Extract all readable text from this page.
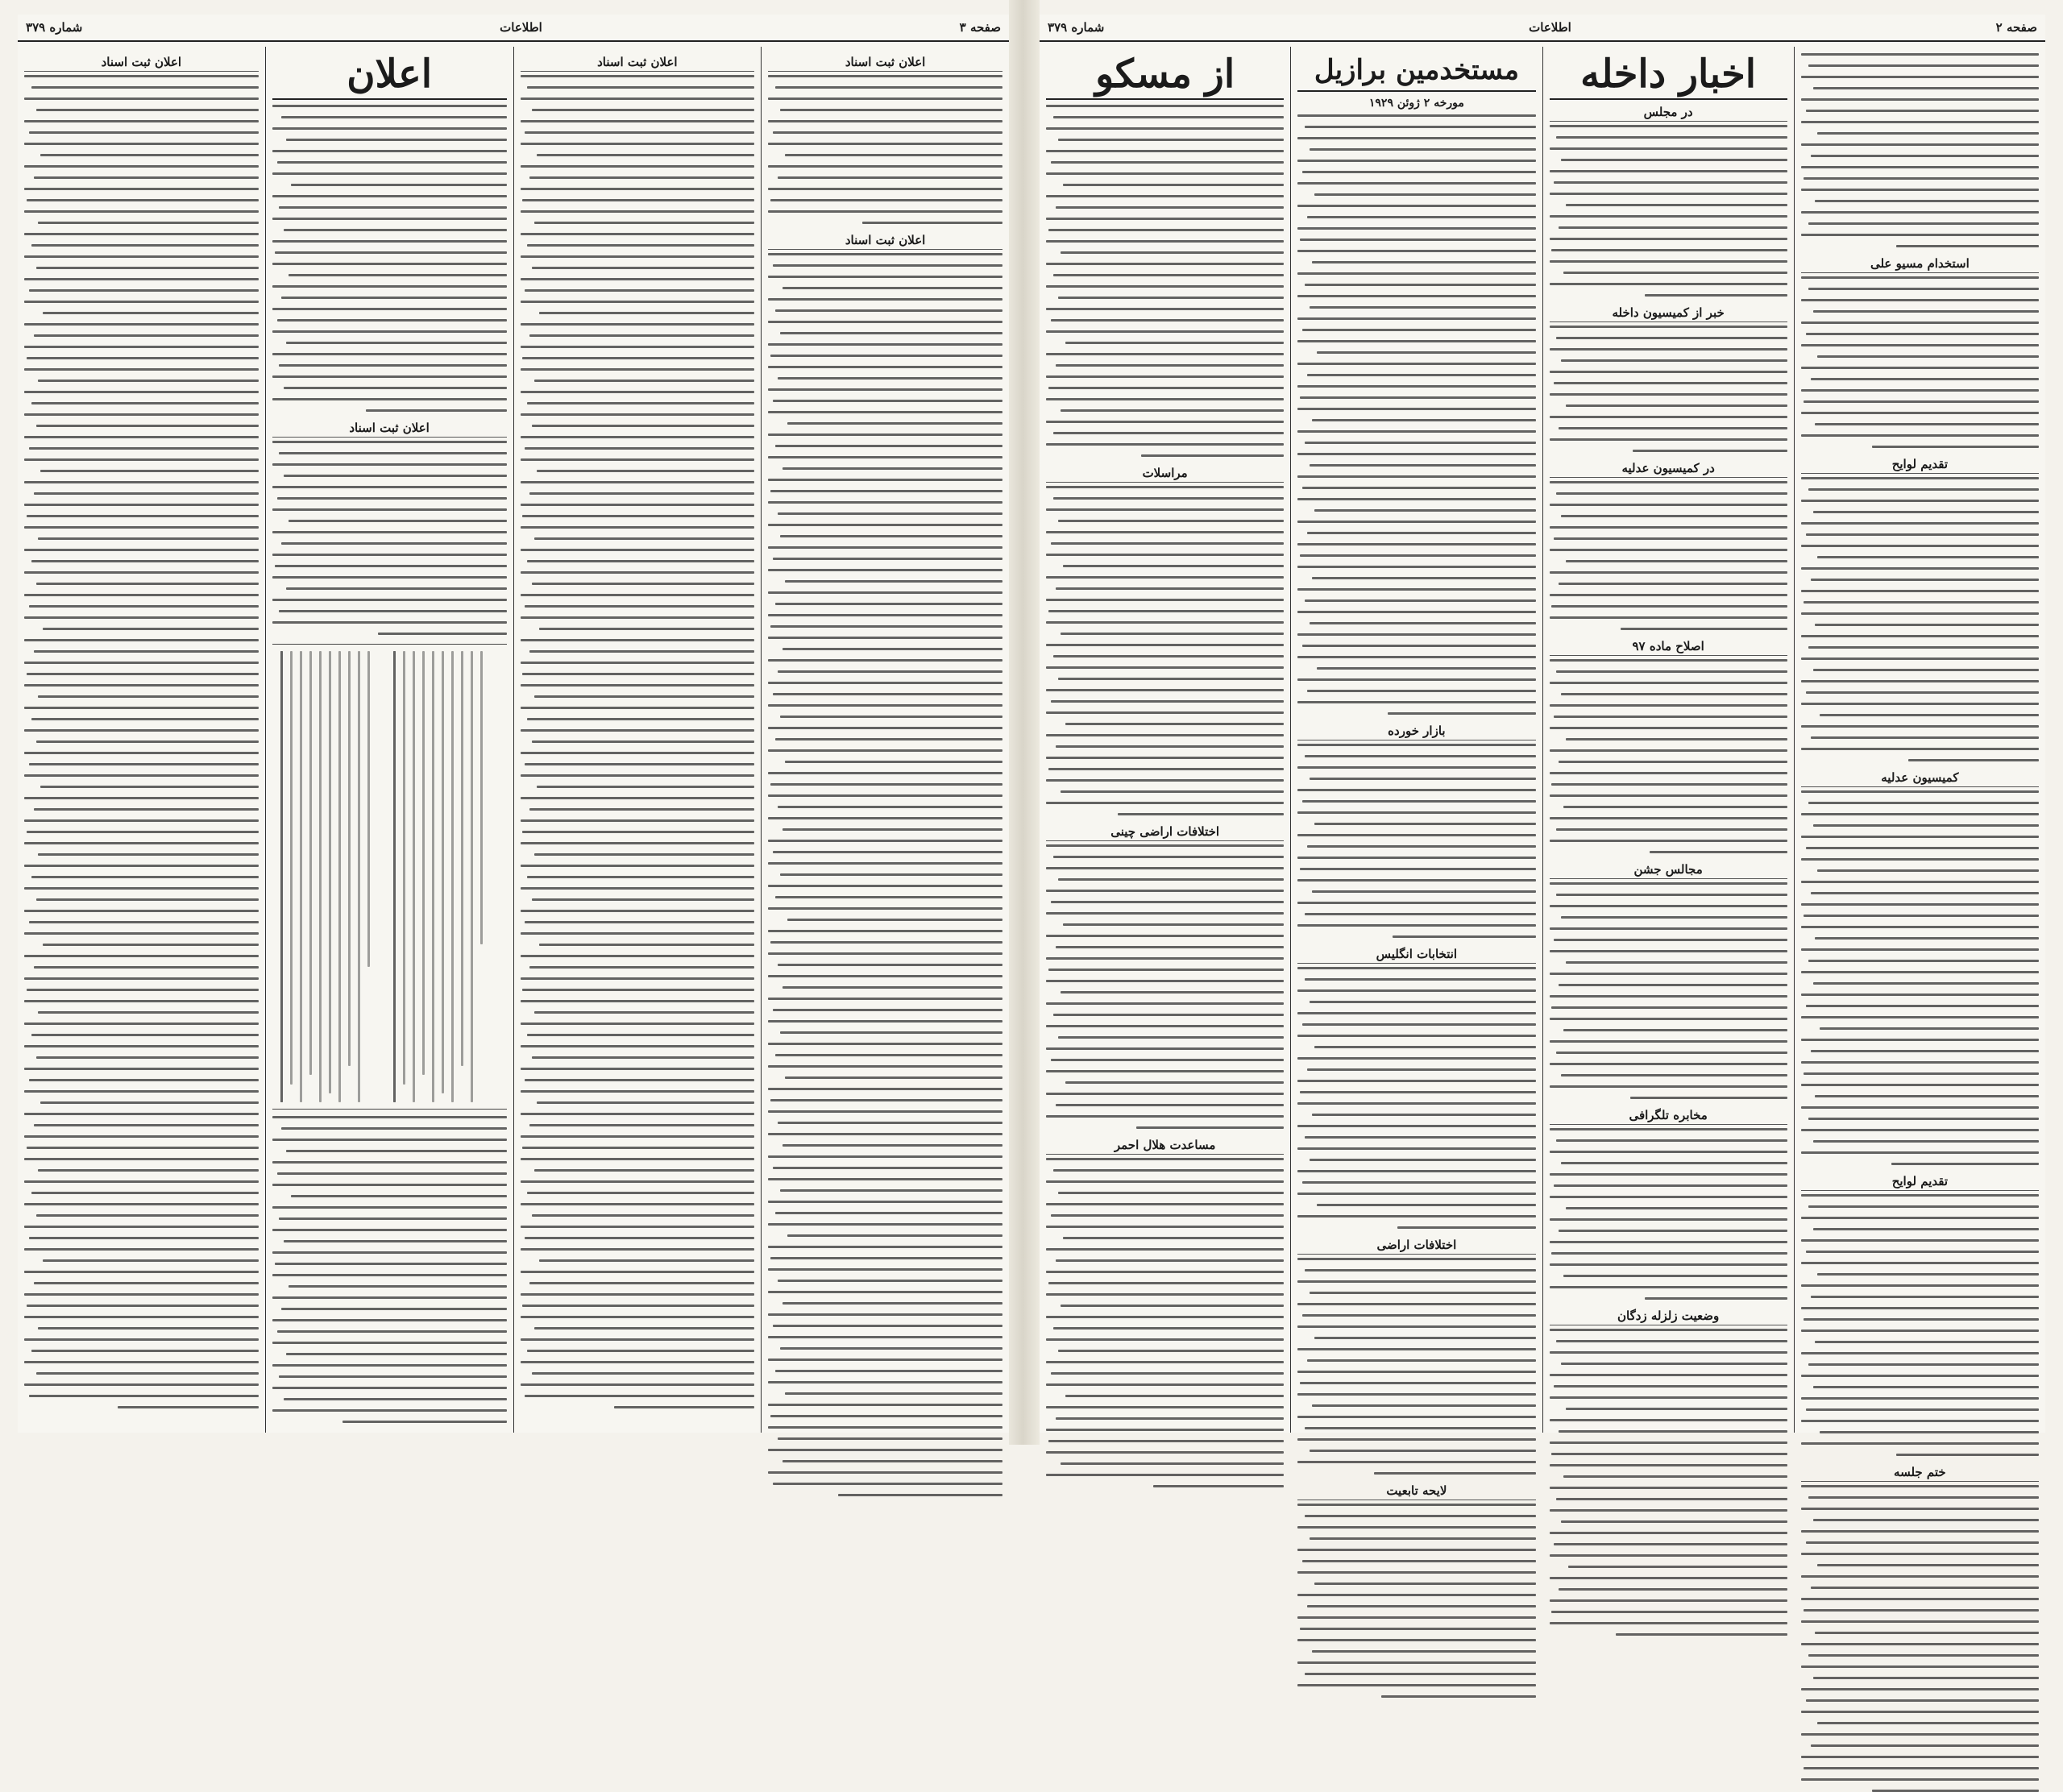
صفحه ۳
اطلاعات
شماره ۳۷۹
اعلان ثبت اسناد
اعلان ثبت اسناد
اعلان ثبت اسناد
اعلان
اعلان ثبت اسناد
اعلان ثبت اسناد
صفحه ۲
اطلاعات
شماره ۳۷۹
استخدام مسیو علی
تقدیم لوایح
کمیسیون عدلیه
تقدیم لوایح
ختم جلسه
اخبار داخله
در مجلس
خبر از کمیسیون داخله
در کمیسیون عدلیه
اصلاح ماده ۹۷
مجالس جشن
مخابره تلگرافی
وضعیت زلزله زدگان
مستخدمین برازیل
مورخه ۲ ژوئن ۱۹۲۹
بازار خورده
انتخابات انگلیس
اختلافات اراضی
لایحه تابعیت
از مسکو
مراسلات
اختلافات اراضی چینی
مساعدت هلال احمر
